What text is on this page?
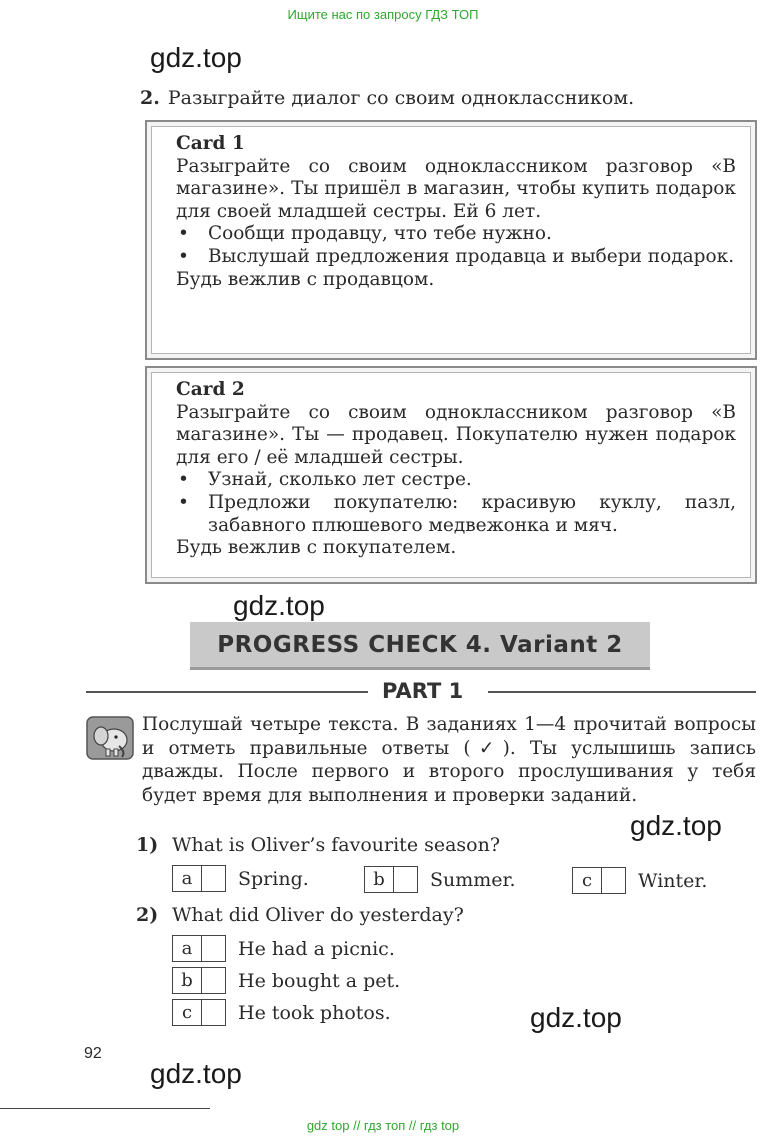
Ищите нас по запросу ГДЗ ТОП
gdz.top
2. Разыграйте диалог со своим одноклассником.
Card 1

Разыграйте со своим одноклассником разговор «В магазине». Ты пришёл в магазин, чтобы купить подарок для своей младшей сестры. Ей 6 лет.

• Сообщи продавцу, что тебе нужно.
• Выслушай предложения продавца и выбери подарок.

Будь вежлив с продавцом.

Card 2

Разыграйте со своим одноклассником разговор «В магазине». Ты — продавец. Покупателю нужен подарок для его / её младшей сестры.

• Узнай, сколько лет сестре.
• Предложи покупателю: красивую куклу, пазл, забавного плюшевого медвежонка и мяч.

Будь вежлив с покупателем.

gdz.top
PROGRESS CHECK 4. Variant 2
PART 1
Послушай четыре текста. В заданиях 1—4 прочитай вопросы и отметь правильные ответы (✓). Ты услышишь запись дважды. После первого и второго прослушивания у тебя будет время для выполнения и проверки заданий.
gdz.top
1) What is Oliver’s favourite season?
a	Spring.	b	Summer.	c	Winter.
2) What did Oliver do yesterday?
a	He had a picnic.
b	He bought a pet.
c	He took photos.	gdz.top
92
gdz.top
gdz top // гдз топ // гдз top
